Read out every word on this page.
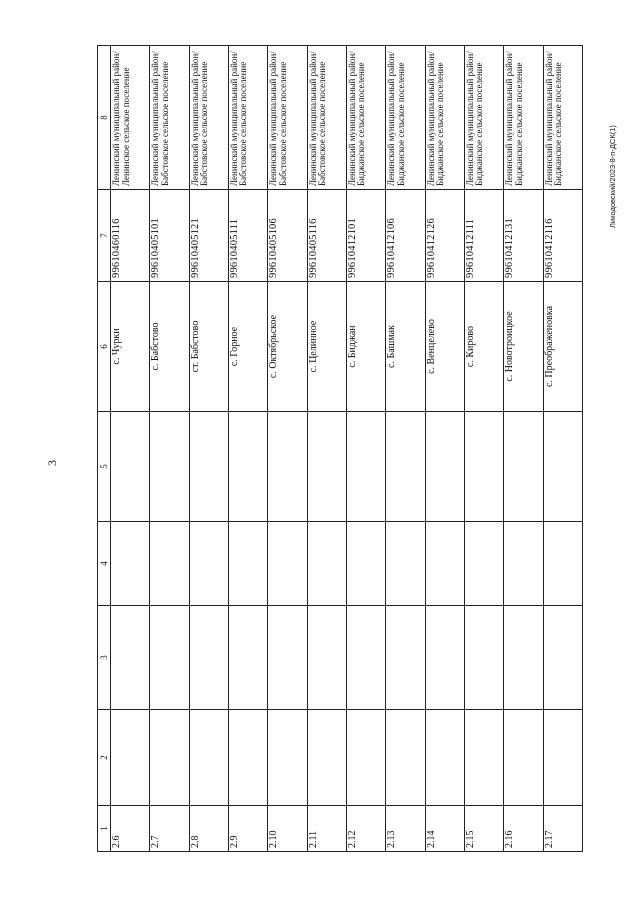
3
Ликодовский/2023-8-п-ДСК(1)
1	2	3	4	5	6	7	8
2.6					с. Чурки	99610460116	Ленинский муниципальный район/ Ленинское сельское поселение
2.7					с. Бабстово	99610405101	Ленинский муниципальный район/ Бабстовское сельское поселение
2.8					ст. Бабстово	99610405121	Ленинский муниципальный район/ Бабстовское сельское поселение
2.9					с. Горное	99610405111	Ленинский муниципальный район/ Бабстовское сельское поселение
2.10					с. Октябрьское	99610405106	Ленинский муниципальный район/ Бабстовское сельское поселение
2.11					с. Целинное	99610405116	Ленинский муниципальный район/ Бабстовское сельское поселение
2.12					с. Биджан	99610412101	Ленинский муниципальный район/ Биджанское сельское поселение
2.13					с. Башмак	99610412106	Ленинский муниципальный район/ Биджанское сельское поселение
2.14					с. Венцелево	99610412126	Ленинский муниципальный район/ Биджанское сельское поселение
2.15					с. Кирово	99610412111	Ленинский муниципальный район/ Биджанское сельское поселение
2.16					с. Новотроицкое	99610412131	Ленинский муниципальный район/ Биджанское сельское поселение
2.17					с. Преображеновка	99610412116	Ленинский муниципальный район/ Биджанское сельское поселение
